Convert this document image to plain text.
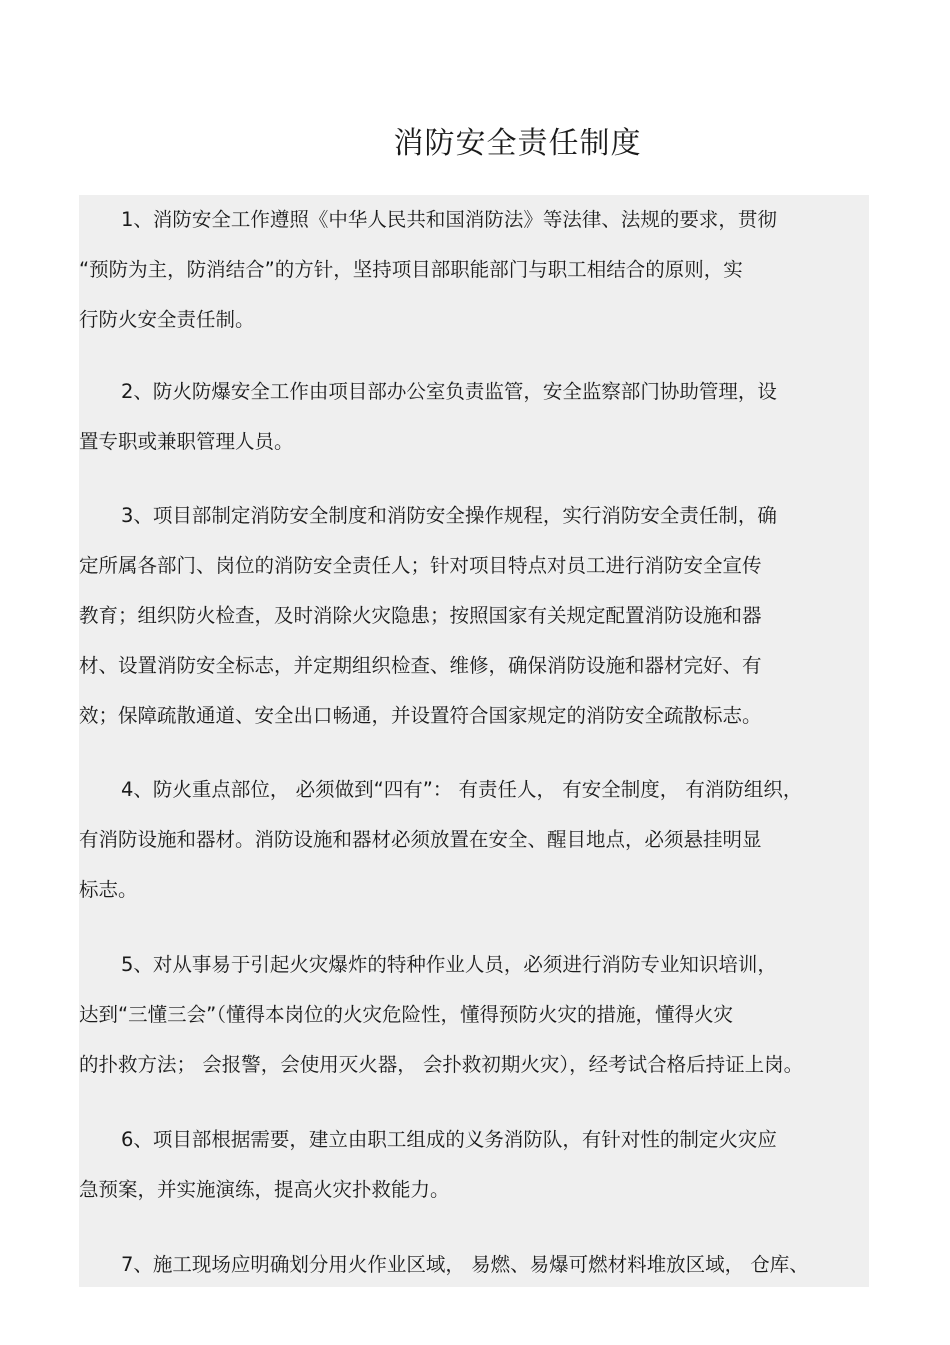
消防安全责任制度
1、消防安全工作遵照《中华人民共和国消防法》等法律、法规的要求，贯彻
“预防为主，防消结合”的方针，坚持项目部职能部门与职工相结合的原则，实
行防火安全责任制。
2、防火防爆安全工作由项目部办公室负责监管，安全监察部门协助管理，设
置专职或兼职管理人员。
3、项目部制定消防安全制度和消防安全操作规程，实行消防安全责任制，确
定所属各部门、岗位的消防安全责任人；针对项目特点对员工进行消防安全宣传
教育；组织防火检查，及时消除火灾隐患；按照国家有关规定配置消防设施和器
材、设置消防安全标志，并定期组织检查、维修，确保消防设施和器材完好、有
效；保障疏散通道、安全出口畅通，并设置符合国家规定的消防安全疏散标志。
4、防火重点部位， 必须做到“四有”： 有责任人， 有安全制度， 有消防组织，
有消防设施和器材。消防设施和器材必须放置在安全、醒目地点，必须悬挂明显
标志。
5、对从事易于引起火灾爆炸的特种作业人员，必须进行消防专业知识培训，
达到“三懂三会”（懂得本岗位的火灾危险性，懂得预防火灾的措施，懂得火灾
的扑救方法； 会报警，会使用灭火器， 会扑救初期火灾），经考试合格后持证上岗。
6、项目部根据需要，建立由职工组成的义务消防队，有针对性的制定火灾应
急预案，并实施演练，提高火灾扑救能力。
7、施工现场应明确划分用火作业区域， 易燃、易爆可燃材料堆放区域， 仓库、
